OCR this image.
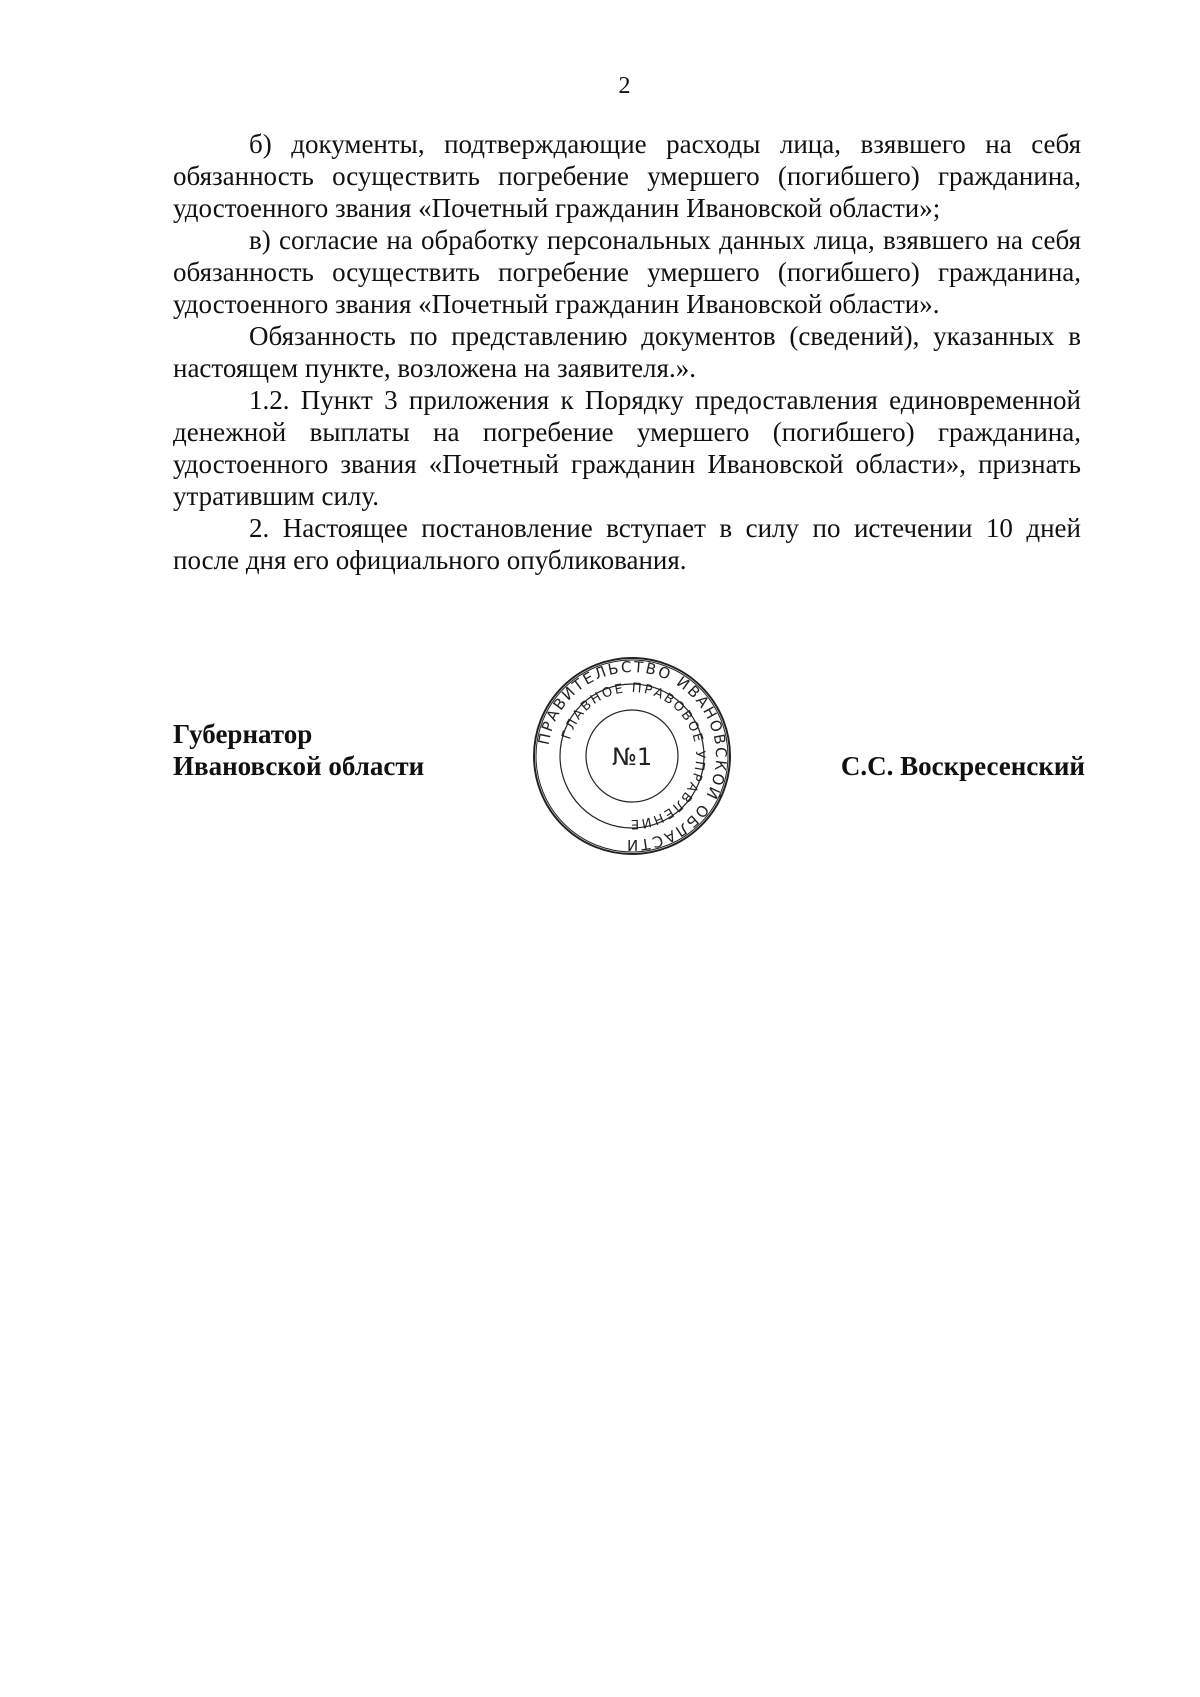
2

б) документы, подтверждающие расходы лица, взявшего на себя обязанность осуществить погребение умершего (погибшего) гражданина, удостоенного звания «Почетный гражданин Ивановской области»;

в) согласие на обработку персональных данных лица, взявшего на себя обязанность осуществить погребение умершего (погибшего) гражданина, удостоенного звания «Почетный гражданин Ивановской области».

Обязанность по представлению документов (сведений), указанных в настоящем пункте, возложена на заявителя.».

1.2. Пункт 3 приложения к Порядку предоставления единовременной денежной выплаты на погребение умершего (погибшего) гражданина, удостоенного звания «Почетный гражданин Ивановской области», признать утратившим силу.

2. Настоящее постановление вступает в силу по истечении 10 дней после дня его официального опубликования.

Губернатор
Ивановской области	С.С. Воскресенский
ПРАВИТЕЛЬСТВО ИВАНОВСКОЙ ОБЛАСТИ
ГЛАВНОЕ ПРАВОВОЕ УПРАВЛЕНИЕ
№1
